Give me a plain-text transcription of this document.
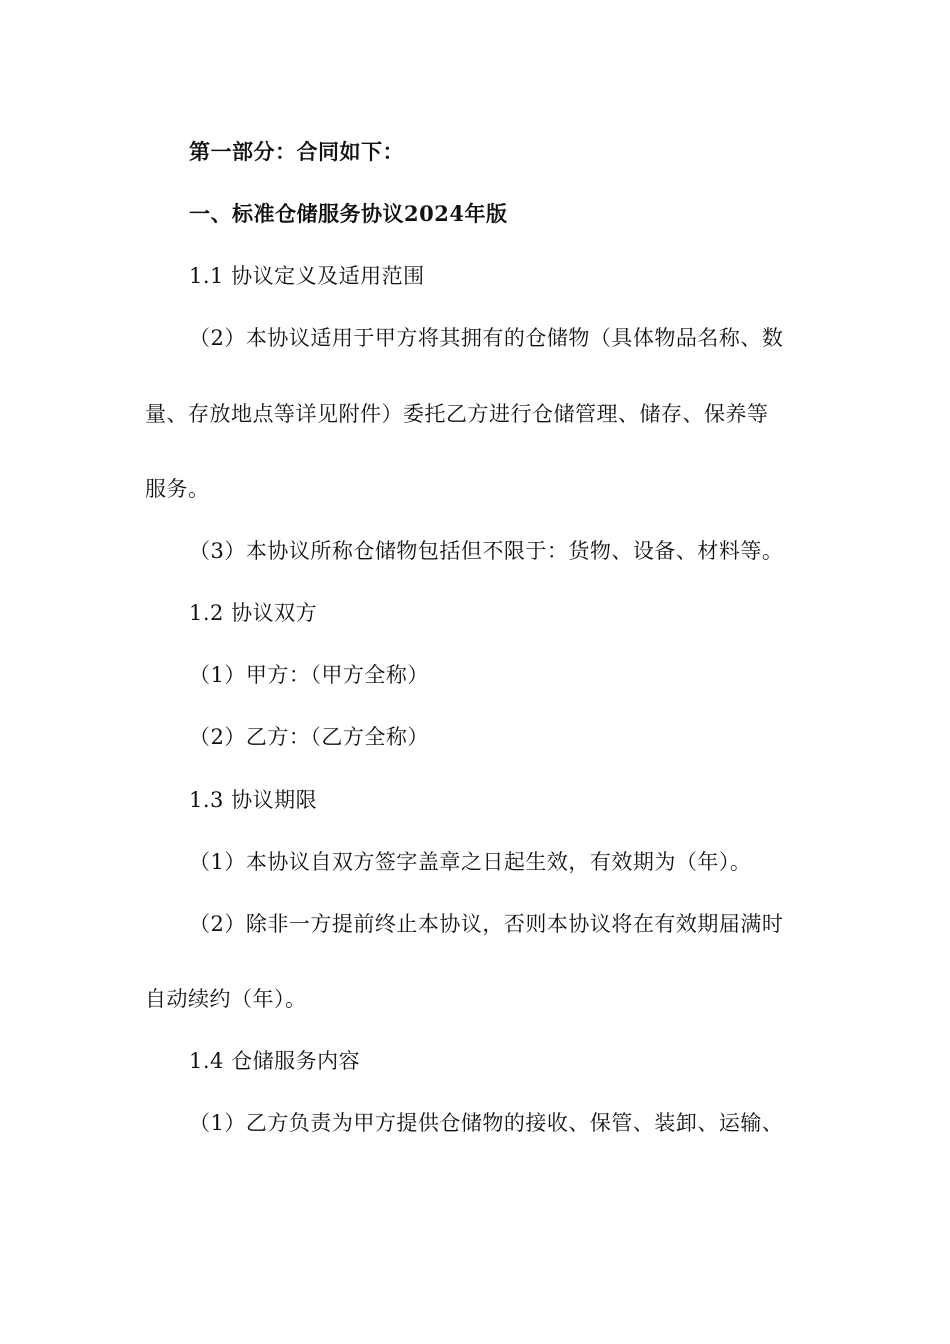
第一部分：合同如下：
一、标准仓储服务协议2024年版
1.1 协议定义及适用范围
（2）本协议适用于甲方将其拥有的仓储物（具体物品名称、数
量、存放地点等详见附件）委托乙方进行仓储管理、储存、保养等
服务。
（3）本协议所称仓储物包括但不限于：货物、设备、材料等。
1.2 协议双方
（1）甲方：（甲方全称）
（2）乙方：（乙方全称）
1.3 协议期限
（1）本协议自双方签字盖章之日起生效，有效期为（年）。
（2）除非一方提前终止本协议，否则本协议将在有效期届满时
自动续约（年）。
1.4 仓储服务内容
（1）乙方负责为甲方提供仓储物的接收、保管、装卸、运输、
